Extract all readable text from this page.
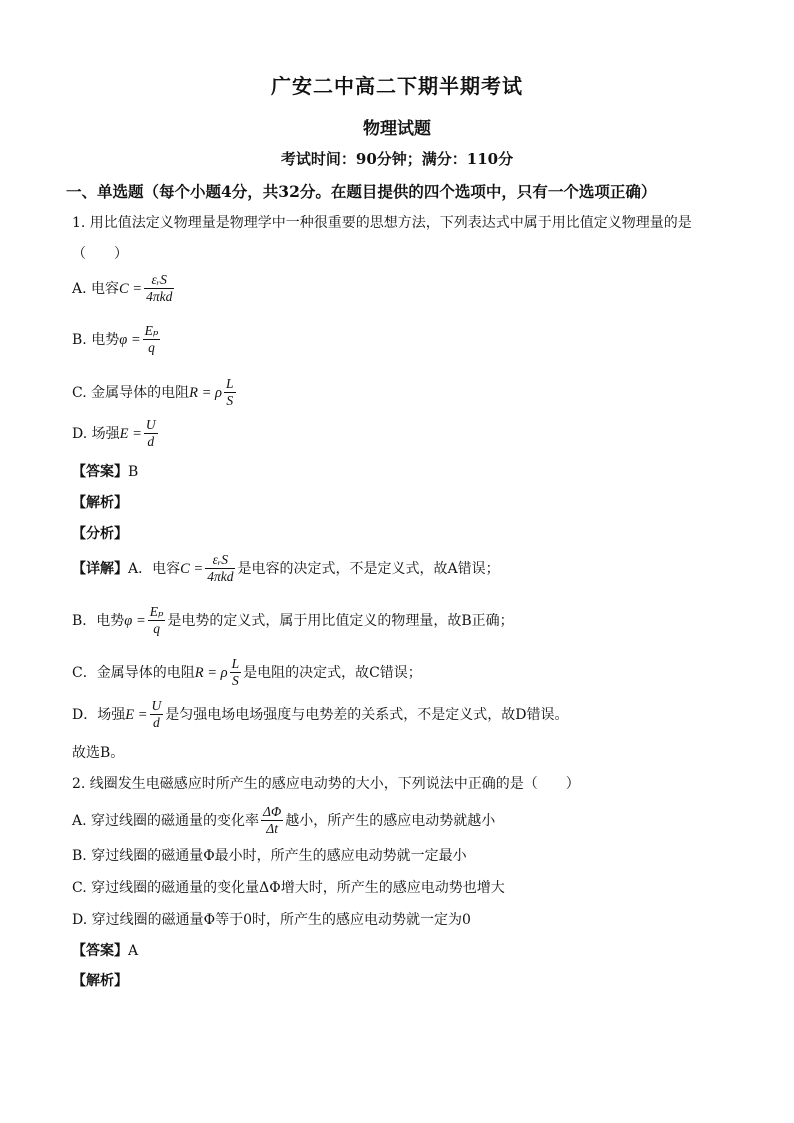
广安二中高二下期半期考试
物理试题
考试时间：90分钟；满分：110分
一、单选题（每个小题4分，共32分。在题目提供的四个选项中，只有一个选项正确）
1. 用比值法定义物理量是物理学中一种很重要的思想方法，下列表达式中属于用比值定义物理量的是
（　　）
A. 电容 $C = \frac{\text{εᵣS}}{\text{4πkd}}$
B. 电势 $\varphi = \frac{\text{Eₚ}}{q}$
C. 金属导体的电阻 R = ρ $\frac{L}{S}$
D. 场强 $E = \frac{U}{d}$
【答案】B
【解析】
【分析】
【详解】 A．电容 $C = \frac{\text{εᵣS}}{\text{4πkd}}$ 是电容的决定式，不是定义式，故A错误；
B．电势 $\varphi = \frac{\text{Eₚ}}{q}$ 是电势的定义式，属于用比值定义的物理量，故B正确；
C．金属导体的电阻 R = ρ $\frac{L}{S}$ 是电阻的决定式，故C错误；
D．场强 $E = \frac{U}{d}$ 是匀强电场电场强度与电势差的关系式，不是定义式，故D错误。
故选B。
2. 线圈发生电磁感应时所产生的感应电动势的大小，下列说法中正确的是（　　）
A. 穿过线圈的磁通量的变化率 $\frac{\Delta\Phi}{\Delta t}$ 越小，所产生的感应电动势就越小
B. 穿过线圈的磁通量Φ最小时，所产生的感应电动势就一定最小
C. 穿过线圈的磁通量的变化量ΔΦ增大时，所产生的感应电动势也增大
D. 穿过线圈的磁通量Φ等于0时，所产生的感应电动势就一定为0
【答案】A
【解析】
